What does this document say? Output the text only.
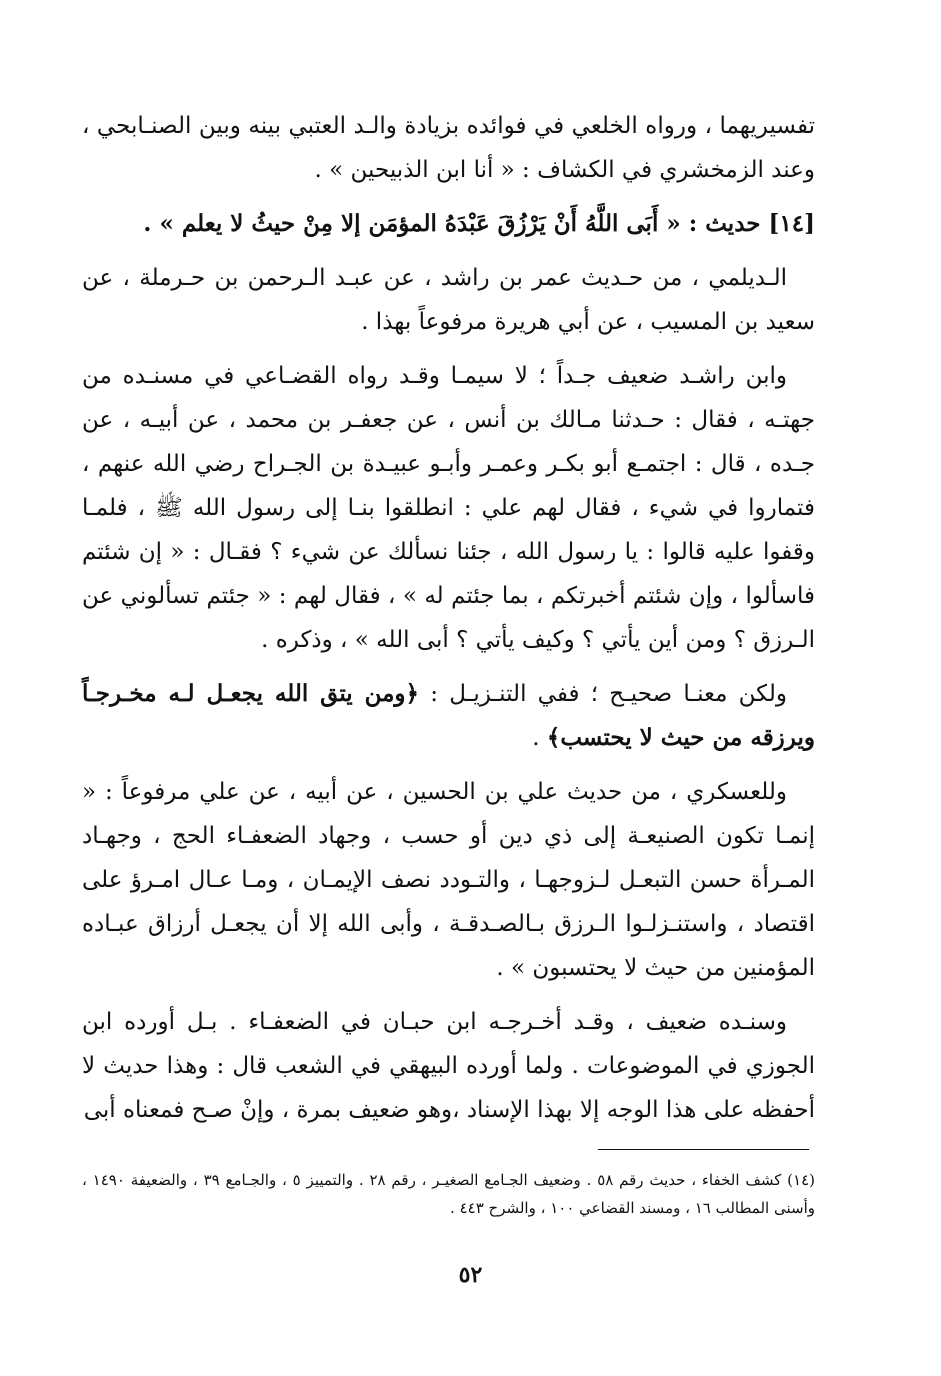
تفسيريهما ، ورواه الخلعي في فوائده بزيادة والـد العتبي بينه وبين الصنـابحي ، وعند الزمخشري في الكشاف : « أنا ابن الذبيحين » .

[١٤] حديث : « أَبَى اللَّهُ أَنْ يَرْزُقَ عَبْدَهُ المؤمَن إلا مِنْ حيثُ لا يعلم » .

الـديلمي ، من حـديث عمر بن راشد ، عن عبـد الـرحمن بن حـرملة ، عن سعيد بن المسيب ، عن أبي هريرة مرفوعاً بهذا .

وابن راشـد ضعيف جـداً ؛ لا سيمـا وقـد رواه القضـاعي في مسنـده من جهتـه ، فقال : حـدثنا مـالك بن أنس ، عن جعفـر بن محمد ، عن أبيـه ، عن جـده ، قال : اجتمـع أبو بكـر وعمـر وأبـو عبيـدة بن الجـراح رضي الله عنهم ، فتماروا في شيء ، فقال لهم علي : انطلقوا بنـا إلى رسول الله ﷺ ، فلمـا وقفوا عليه قالوا : يا رسول الله ، جئنا نسألك عن شيء ؟ فقـال : « إن شئتم فاسألوا ، وإن شئتم أخبرتكم ، بما جئتم له » ، فقال لهم : « جئتم تسألوني عن الـرزق ؟ ومن أين يأتي ؟ وكيف يأتي ؟ أبى الله » ، وذكره .

ولكن معنـا صحيـح ؛ ففي التنـزيـل : ﴿ومن يتق الله يجعـل لـه مخـرجـاً ويرزقه من حيث لا يحتسب﴾ .

وللعسكري ، من حديث علي بن الحسين ، عن أبيه ، عن علي مرفوعاً : « إنمـا تكون الصنيعـة إلى ذي دين أو حسب ، وجهاد الضعفـاء الحج ، وجهـاد المـرأة حسن التبعـل لـزوجهـا ، والتـودد نصف الإيمـان ، ومـا عـال امـرؤ على اقتصاد ، واستنـزلـوا الـرزق بـالصـدقـة ، وأبى الله إلا أن يجعـل أرزاق عبـاده المؤمنين من حيث لا يحتسبون » .

وسنـده ضعيف ، وقـد أخـرجـه ابن حبـان في الضعفـاء . بـل أورده ابن الجوزي في الموضوعات . ولما أورده البيهقي في الشعب قال : وهذا حديث لا أحفظه على هذا الوجه إلا بهذا الإسناد ،وهو ضعيف بمرة ، وإنْ صـح فمعناه أبى

(١٤) كشف الخفاء ، حديث رقم ٥٨ . وضعيف الجـامع الصغيـر ، رقم ٢٨ . والتمييز ٥ ، والجـامع ٣٩ ، والضعيفة ١٤٩٠ ، وأسنى المطالب ١٦ ، ومسند القضاعي ١٠٠ ، والشرح ٤٤٣ .

٥٢
